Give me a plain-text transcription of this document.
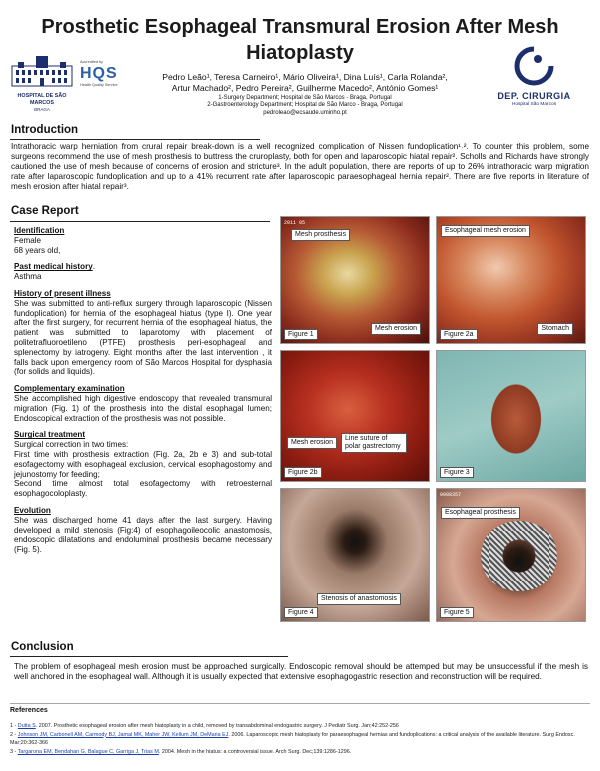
Prosthetic Esophageal Transmural Erosion After Mesh Hiatoplasty
HOSPITAL DE SÃO MARCOS
BRAGA
Accredited by
HQS
Health Quality Service
DEP. CIRURGIA
Hospital São Marcos
Pedro Leão¹, Teresa Carneiro¹, Mário Oliveira¹, Dina Luís¹, Carla Rolanda²,
Artur Machado², Pedro Pereira², Guilherme Macedo², António Gomes¹
1-Surgery Department; Hospital de São Marcos - Braga, Portugal
2-Gastroenterology Department; Hospital de São Marco - Braga, Portugal
pedroleao@ecsaude.uminho.pt
Introduction
Intrathoracic warp herniation from crural repair break-down is a well recognized complication of Nissen fundoplication¹˒². To counter this problem, some surgeons recommend the use of mesh prosthesis to buttress the cruroplasty, both for open and laparoscopic hiatal repair². Scholls and Richards have strongly cautioned the use of mesh because of concerns of erosion and stricture³. In the adult population, there are reports of up to 26% intrathoracic warp migration rate after laparoscopic fundoplication and up to a 41% recurrent rate after laparoscopic paraesophageal hernia repair². There are five reports in literature of mesh erosion after hiatal repair³.
Case Report
Identification
Female
68 years old,
Past medical history.
Asthma
History of present illness
She was submitted to anti-reflux surgery through laparoscopic (Nissen fundoplication) for hernia of the esophageal hiatus (type I). One year after the first surgery, for recurrent hernia of the esophageal hiatus, the patient was submitted to laparotomy with placement of politetrafluoroetileno (PTFE) prosthesis peri-esophageal and splenectomy by iatrogeny. Eight months after the last intervention , it falls back upon emergency room of São Marcos Hospital for dysphasia (for solids and liquids).
Complementary examination
She accomplished high digestive endoscopy that revealed transmural migration (Fig. 1) of the prosthesis into the distal esophagal lumen; Endoscopical extraction of the prosthesis was not possible.
Surgical treatment
Surgical correction in two times:
First time with prosthesis extraction (Fig. 2a, 2b e 3) and sub-total esofagectomy with esophageal exclusion, cervical esophagostomy and jejunostomy for feeding;
Second time almost total esofagectomy with retroesternal esophagocoloplasty.
Evolution
She was discharged home 41 days after the last surgery. Having developed a mild stenosis (Fig:4) of esophagoileocolic anastomosis, endoscopic dilatations and endoluminal prosthesis became necessary (Fig. 5).
2011 05
Mesh prosthesis
Mesh erosion
Figure 1
Esophageal mesh erosion
Stomach
Figure 2a
Mesh erosion
Line suture of polar gastrectomy
Figure 2b	Figure 3
Stenosis of anastomosis
Figure 4
0008357
Esophageal prosthesis
Figure 5
Conclusion
The problem of esophageal mesh erosion must be approached surgically. Endoscopic removal should be attemped but may be unsuccessful if the mesh is well anchored in the esophageal wall. Although it is usually expected that extensive esophagogastric resection and reconstruction will be required.
References
1 - Dutta S. 2007. Prosthetic esophageal erosion after mesh hiatoplasty in a child, removed by transabdominal endogastric surgery. J Pediatr Surg. Jan;42:252-256
2 - Johnson JM, Carbonell AM, Carmody BJ, Jamal MK, Maher JW, Kellum JM, DeMaria EJ. 2006. Laparoscopic mesh hiatoplasty for paraesophageal hernias and fundoplications: a critical analysis of the available literature. Surg Endosc. Mar;20:362-366
3 - Targarona EM, Bendahan G, Balague C, Garriga J, Trias M. 2004. Mesh in the hiatus: a controversial issue. Arch Surg. Dec;139:1286-1296.
